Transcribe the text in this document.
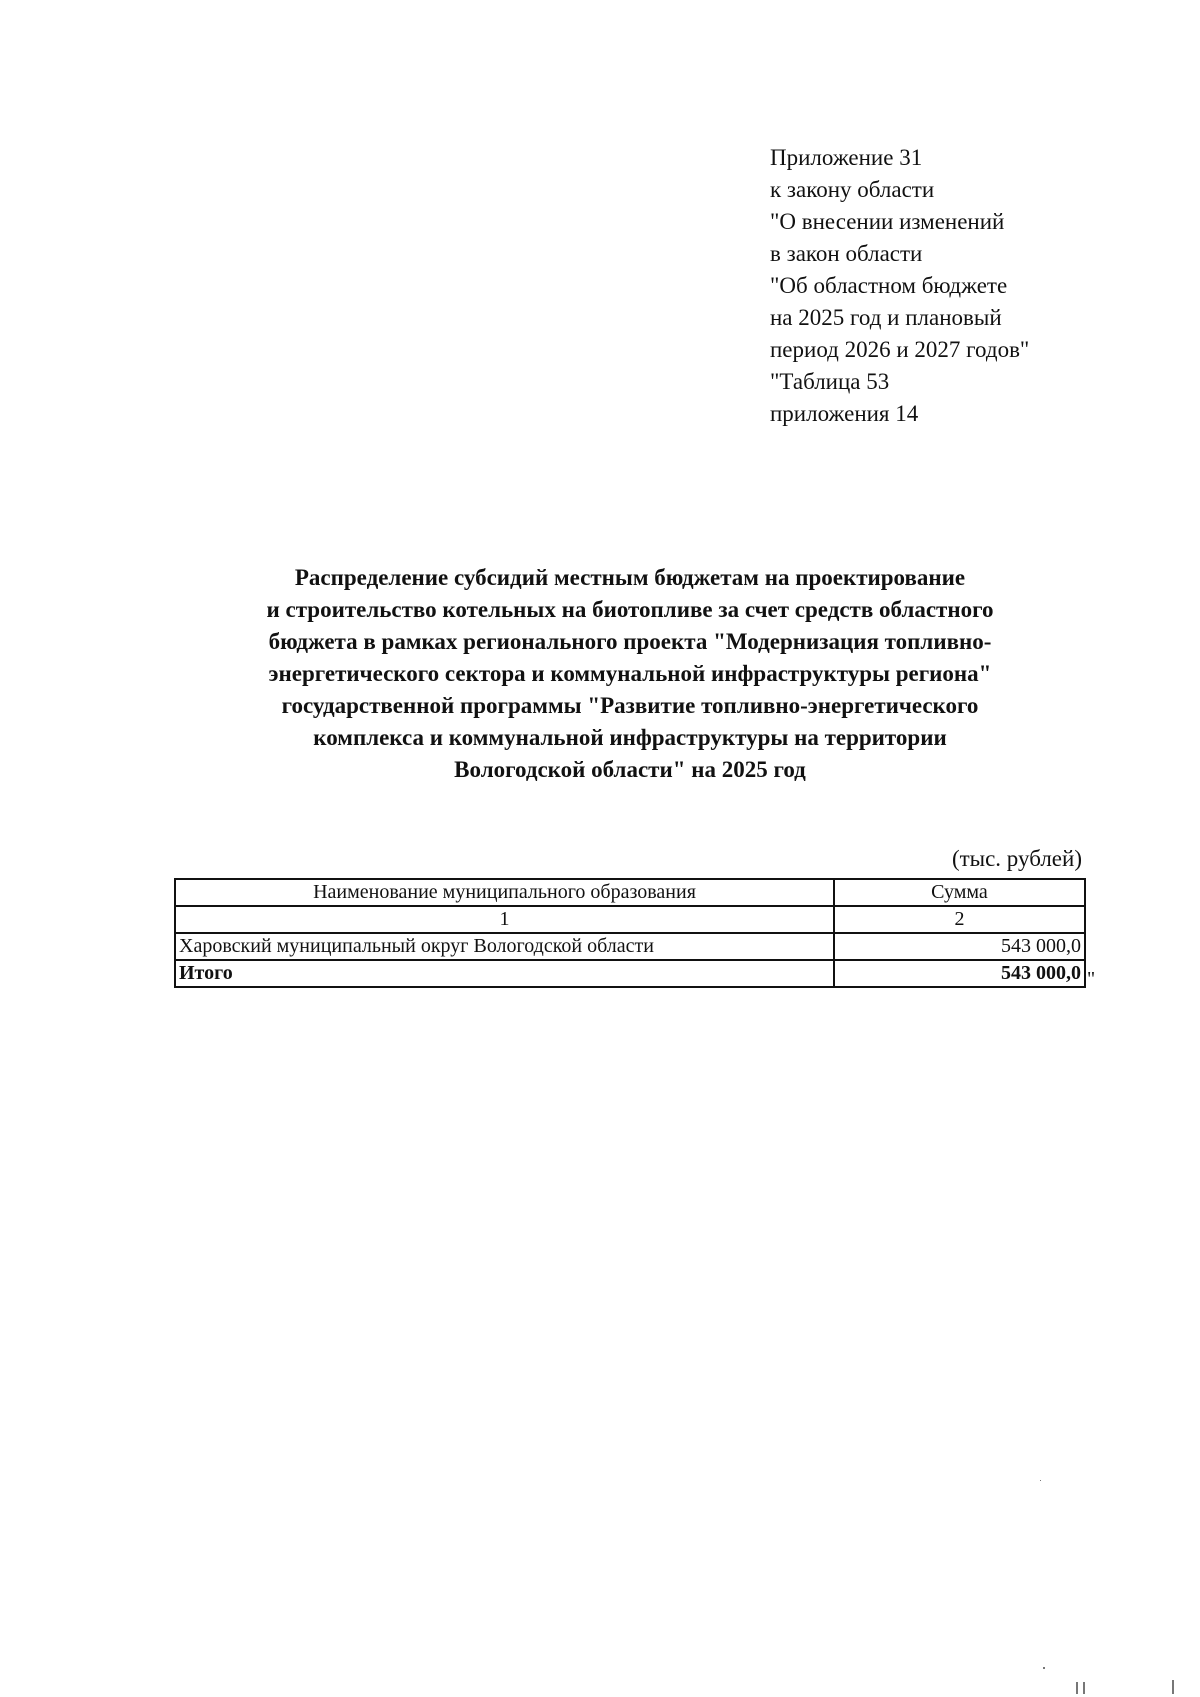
Приложение 31
к закону области
"О внесении изменений
в закон области
"Об областном бюджете
на 2025 год и плановый
период 2026 и 2027 годов"
"Таблица 53
приложения 14
Распределение субсидий местным бюджетам на проектирование
и строительство котельных на биотопливе за счет средств областного
бюджета в рамках регионального проекта "Модернизация топливно-
энергетического сектора и коммунальной инфраструктуры региона"
государственной программы "Развитие топливно-энергетического
комплекса и коммунальной инфраструктуры на территории
Вологодской области" на 2025 год
(тыс. рублей)
Наименование муниципального образования	Сумма
1	2
Харовский муниципальный округ Вологодской области	543 000,0
Итого	543 000,0 "
